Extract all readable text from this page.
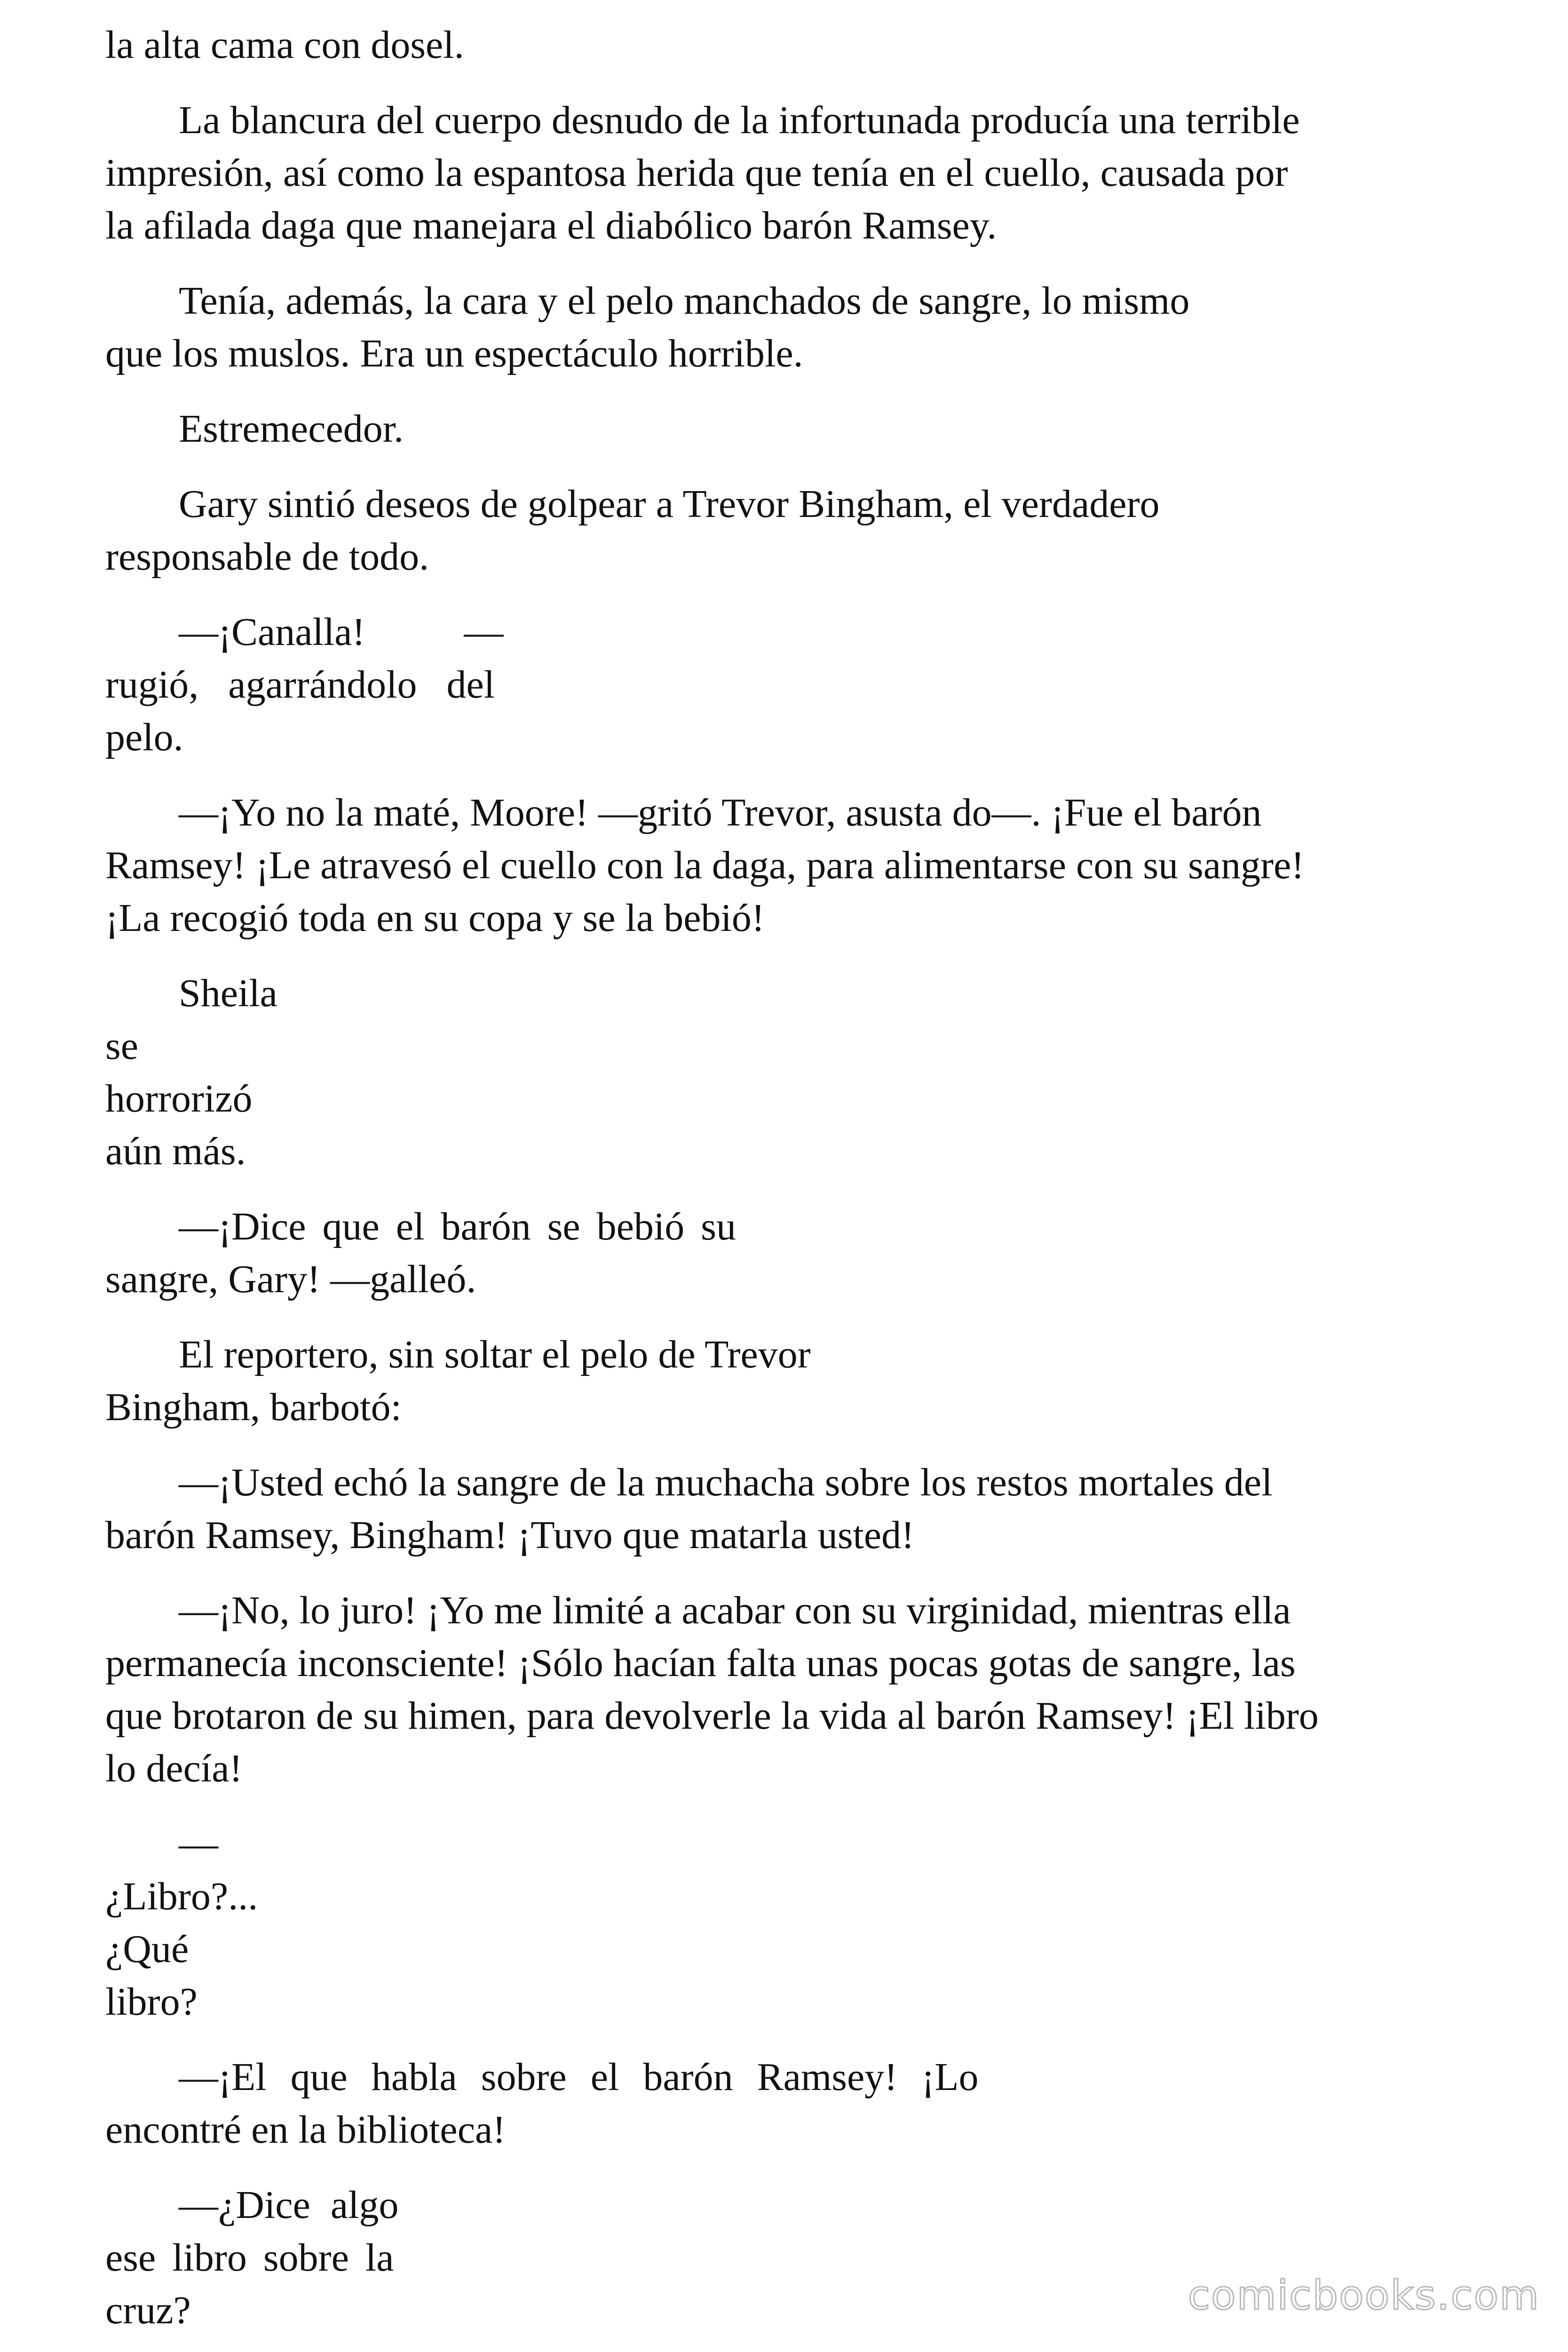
la alta cama con dosel.
La blancura del cuerpo desnudo de la infortunada producía una terrible
impresión, así como la espantosa herida que tenía en el cuello, causada por
la afilada daga que manejara el diabólico barón Ramsey.
Tenía, además, la cara y el pelo manchados de sangre, lo mismo
que los muslos. Era un espectáculo horrible.
Estremecedor.
Gary sintió deseos de golpear a Trevor Bingham, el verdadero
responsable de todo.
—¡Canalla!          —
rugió,   agarrándolo   del
pelo.
—¡Yo no la maté, Moore! —gritó Trevor, asusta do—. ¡Fue el barón
Ramsey! ¡Le atravesó el cuello con la daga, para alimentarse con su sangre!
¡La recogió toda en su copa y se la bebió!
Sheila
se
horrorizó
aún más.
—¡Dice que el barón se bebió su
sangre, Gary! —galleó.
El reportero, sin soltar el pelo de Trevor
Bingham, barbotó:
—¡Usted echó la sangre de la muchacha sobre los restos mortales del
barón Ramsey, Bingham! ¡Tuvo que matarla usted!
—¡No, lo juro! ¡Yo me limité a acabar con su virginidad, mientras ella
permanecía inconsciente! ¡Sólo hacían falta unas pocas gotas de sangre, las
que brotaron de su himen, para devolverle la vida al barón Ramsey! ¡El libro
lo decía!
—
¿Libro?...
¿Qué
libro?
—¡El que habla sobre el barón Ramsey! ¡Lo
encontré en la biblioteca!
—¿Dice algo
ese libro sobre la
cruz?	comicbooks.com
